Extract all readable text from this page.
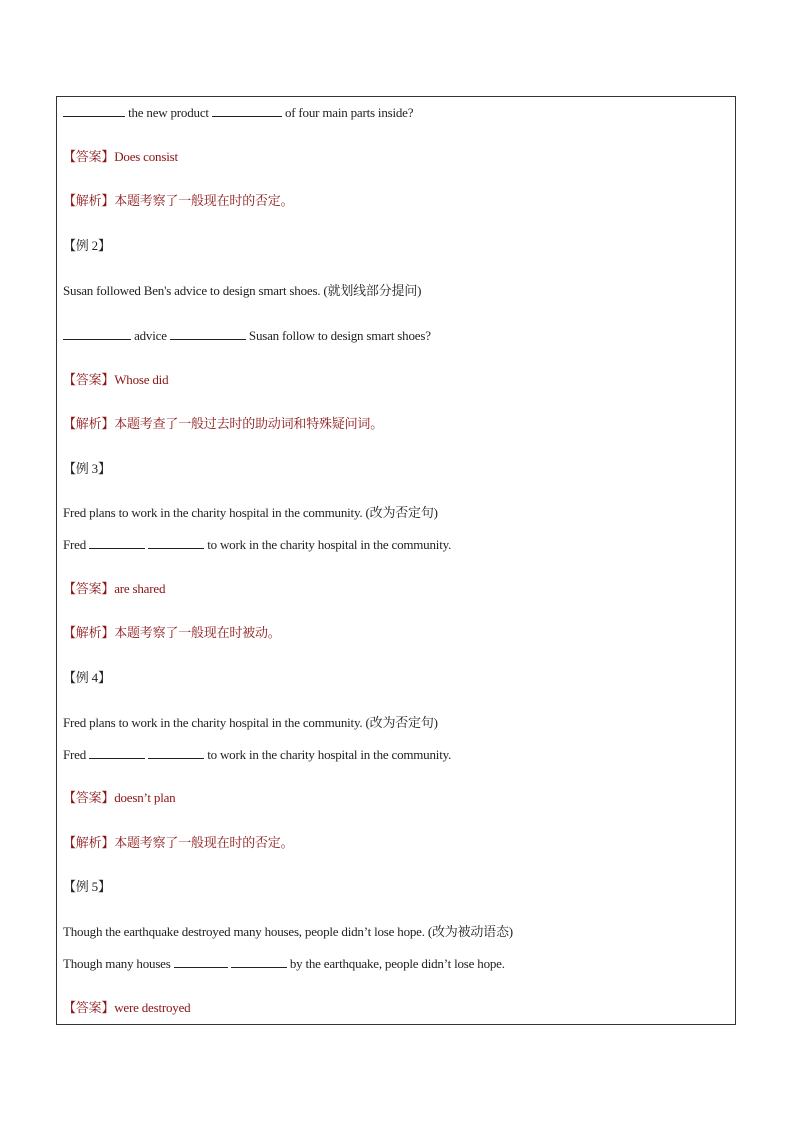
the new product	of four main parts inside?
【答案】Does consist
【解析】本题考察了一般现在时的否定。
【例 2】
Susan followed Ben's advice to design smart shoes. (就划线部分提问)
advice	Susan follow to design smart shoes?
【答案】Whose did
【解析】本题考查了一般过去时的助动词和特殊疑问词。
【例 3】
Fred plans to work in the charity hospital in the community. (改为否定句)
Fred	to work in the charity hospital in the community.
【答案】are shared
【解析】本题考察了一般现在时被动。
【例 4】
Fred plans to work in the charity hospital in the community. (改为否定句)
Fred	to work in the charity hospital in the community.
【答案】doesn’t plan
【解析】本题考察了一般现在时的否定。
【例 5】
Though the earthquake destroyed many houses, people didn’t lose hope. (改为被动语态)
Though many houses	by the earthquake, people didn’t lose hope.
【答案】were destroyed
